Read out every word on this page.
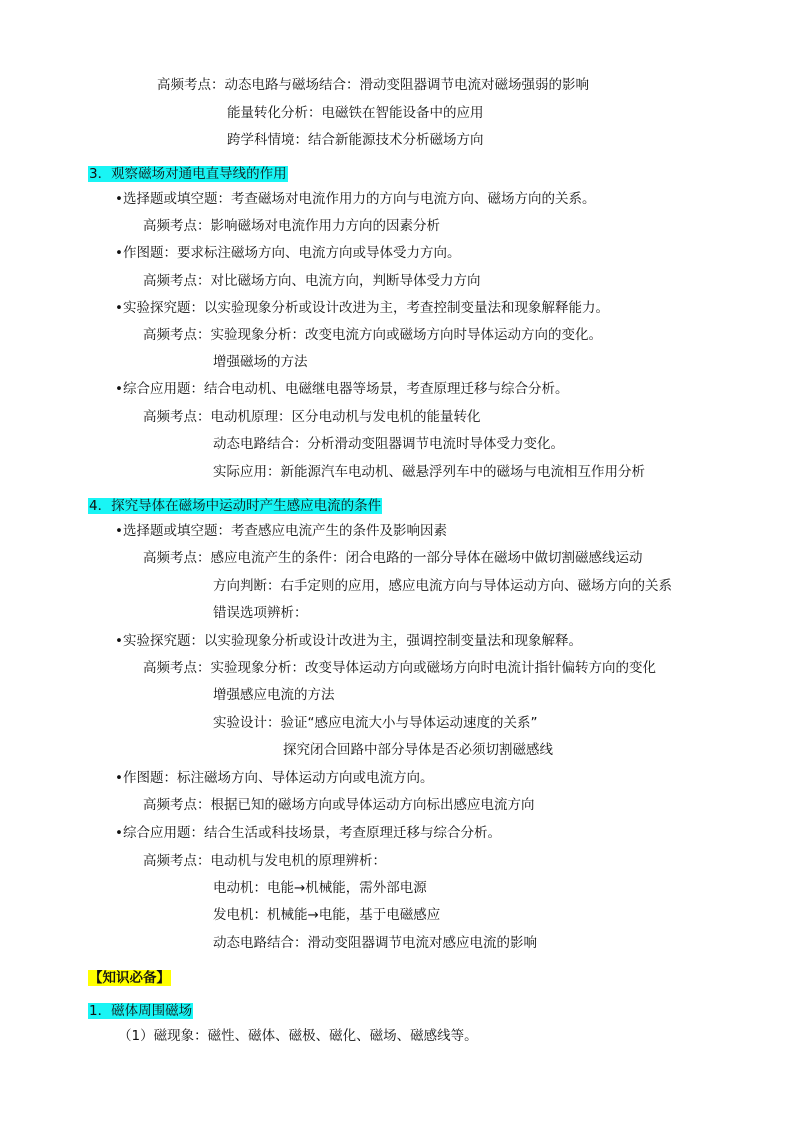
高频考点：动态电路与磁场结合：滑动变阻器调节电流对磁场强弱的影响
能量转化分析：电磁铁在智能设备中的应用
跨学科情境：结合新能源技术分析磁场方向
3．观察磁场对通电直导线的作用
•选择题或填空题：考查磁场对电流作用力的方向与电流方向、磁场方向的关系。
高频考点：影响磁场对电流作用力方向的因素分析
•作图题：要求标注磁场方向、电流方向或导体受力方向。
高频考点：对比磁场方向、电流方向，判断导体受力方向
•实验探究题：以实验现象分析或设计改进为主，考查控制变量法和现象解释能力。
高频考点：实验现象分析：改变电流方向或磁场方向时导体运动方向的变化。
增强磁场的方法
•综合应用题：结合电动机、电磁继电器等场景，考查原理迁移与综合分析。
高频考点：电动机原理：区分电动机与发电机的能量转化
动态电路结合：分析滑动变阻器调节电流时导体受力变化。
实际应用：新能源汽车电动机、磁悬浮列车中的磁场与电流相互作用分析
4．探究导体在磁场中运动时产生感应电流的条件
•选择题或填空题：考查感应电流产生的条件及影响因素
高频考点：感应电流产生的条件：闭合电路的一部分导体在磁场中做切割磁感线运动
方向判断：右手定则的应用，感应电流方向与导体运动方向、磁场方向的关系
错误选项辨析：
•实验探究题：以实验现象分析或设计改进为主，强调控制变量法和现象解释。
高频考点：实验现象分析：改变导体运动方向或磁场方向时电流计指针偏转方向的变化
增强感应电流的方法
实验设计：验证“感应电流大小与导体运动速度的关系”
探究闭合回路中部分导体是否必须切割磁感线
•作图题：标注磁场方向、导体运动方向或电流方向。
高频考点：根据已知的磁场方向或导体运动方向标出感应电流方向
•综合应用题：结合生活或科技场景，考查原理迁移与综合分析。
高频考点：电动机与发电机的原理辨析：
电动机：电能→机械能，需外部电源
发电机：机械能→电能，基于电磁感应
动态电路结合：滑动变阻器调节电流对感应电流的影响
【知识必备】
1．磁体周围磁场
（1）磁现象：磁性、磁体、磁极、磁化、磁场、磁感线等。
